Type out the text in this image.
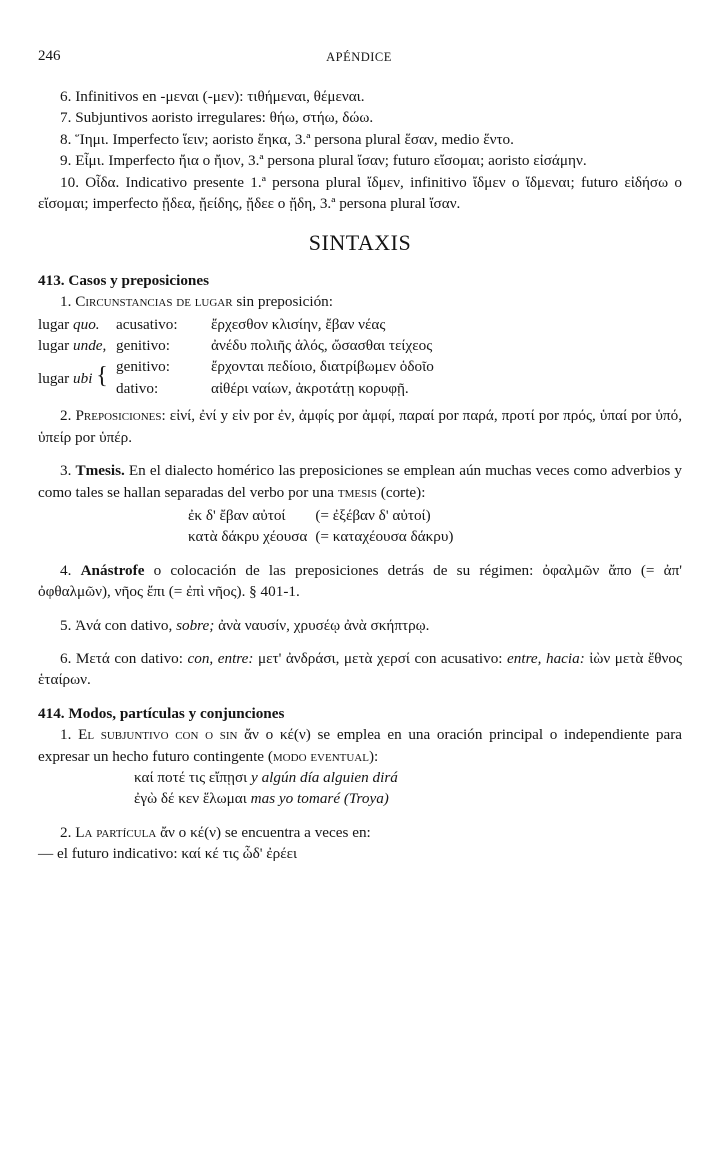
246	APÉNDICE

6. Infinitivos en -μεναι (-μεν): τιθήμεναι, θέμεναι.

7. Subjuntivos aoristo irregulares: θήω, στήω, δώω.

8. Ἵημι. Imperfecto ἵειν; aoristo ἕηκα, 3.ª persona plural ἕσαν, medio ἕντο.

9. Εἶμι. Imperfecto ἤια o ἤιον, 3.ª persona plural ἴσαν; futuro εἴσομαι; aoristo εἰσάμην.

10. Οἶδα. Indicativo presente 1.ª persona plural ἴδμεν, infinitivo ἴδμεν o ἴδμεναι; futuro εἰδήσω o εἴσομαι; imperfecto ᾔδεα, ᾔείδης, ᾔδεε o ᾔδη, 3.ª persona plural ἴσαν.

SINTAXIS

413. Casos y preposiciones

1. Circunstancias de lugar sin preposición:

lugar quo.	acusativo:	ἔρχεσθον κλισίην, ἔβαν νέας
lugar unde,	genitivo:	ἀνέδυ πολιῆς ἁλός, ὤσασθαι τείχεος
lugar ubi {	genitivo:	ἔρχονται πεδίοιο, διατρίβωμεν ὁδοῖο
	dativo:	αἰθέρι ναίων, ἀκροτάτῃ κορυφῇ.

2. Preposiciones: εἰνί, ἐνί y εἰν por ἐν, ἀμφίς por ἀμφί, παραί por παρά, προτί por πρός, ὑπαί por ὑπό, ὑπείρ por ὑπέρ.

3. Tmesis. En el dialecto homérico las preposiciones se emplean aún muchas veces como adverbios y como tales se hallan separadas del verbo por una tmesis (corte):

ἐκ δ' ἔβαν αὐτοί	(= ἐξέβαν δ' αὐτοί)
κατὰ δάκρυ χέουσα	(= καταχέουσα δάκρυ)

4. Anástrofe o colocación de las preposiciones detrás de su régimen: ὀφαλμῶν ἄπο (= ἀπ' ὀφθαλμῶν), νῆος ἔπι (= ἐπὶ νῆος). § 401-1.

5. Ἀνά con dativo, sobre; ἀνὰ ναυσίν, χρυσέῳ ἀνὰ σκήπτρῳ.

6. Μετά con dativo: con, entre: μετ' ἀνδράσι, μετὰ χερσί con acusativo: entre, hacia: ἰὼν μετὰ ἔθνος ἑταίρων.

414. Modos, partículas y conjunciones

1. El subjuntivo con o sin ἄν o κέ(ν) se emplea en una oración principal o independiente para expresar un hecho futuro contingente (modo eventual):

καί ποτέ τις εἴπῃσι y algún día alguien dirá
ἐγὼ δέ κεν ἕλωμαι mas yo tomaré (Troya)

2. La partícula ἄν o κέ(ν) se encuentra a veces en:

— el futuro indicativo: καί κέ τις ὧδ' ἐρέει
